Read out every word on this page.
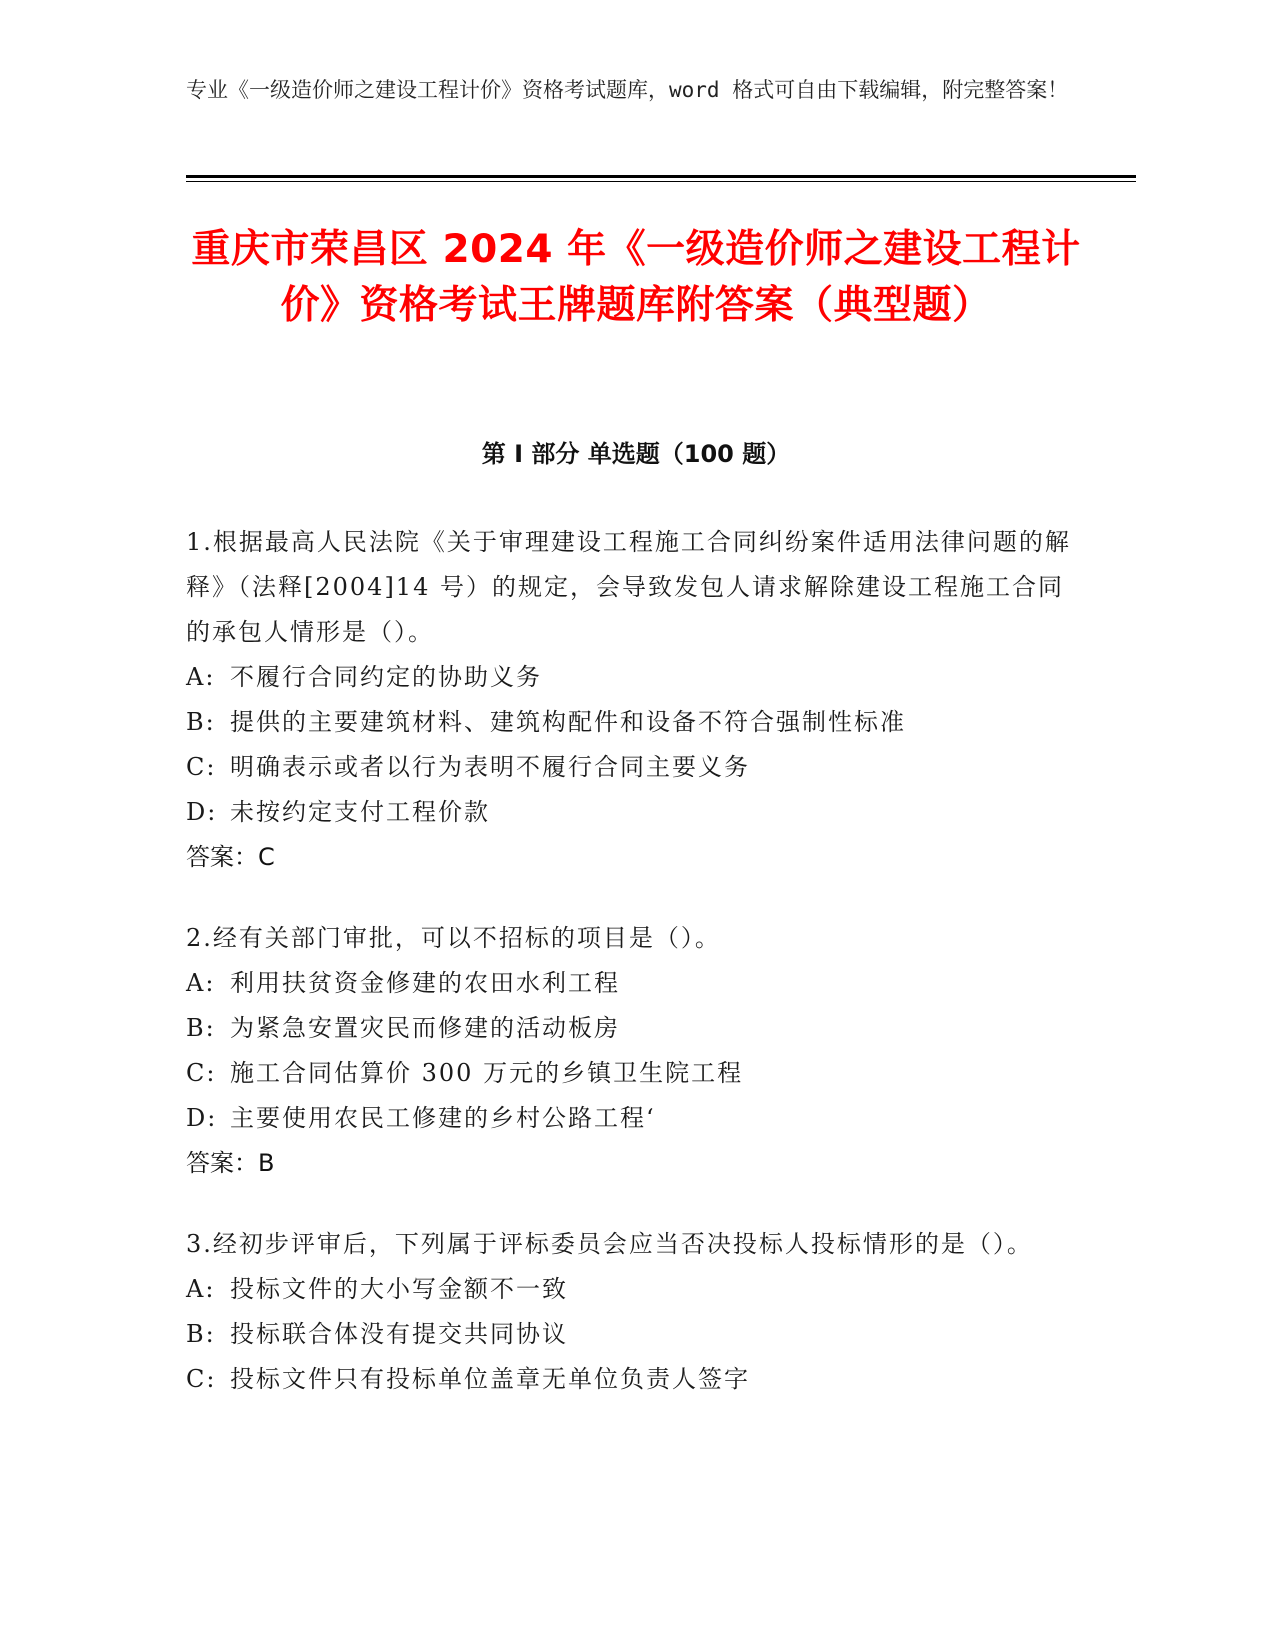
专业《一级造价师之建设工程计价》资格考试题库，word 格式可自由下载编辑，附完整答案！
重庆市荣昌区 2024 年《一级造价师之建设工程计价》资格考试王牌题库附答案（典型题）
第 I 部分 单选题（100 题）
1.根据最高人民法院《关于审理建设工程施工合同纠纷案件适用法律问题的解释》（法释[2004]14 号）的规定，会导致发包人请求解除建设工程施工合同的承包人情形是（）。
A: 不履行合同约定的协助义务
B: 提供的主要建筑材料、建筑构配件和设备不符合强制性标准
C: 明确表示或者以行为表明不履行合同主要义务
D: 未按约定支付工程价款
答案：C
2.经有关部门审批，可以不招标的项目是（）。
A: 利用扶贫资金修建的农田水利工程
B: 为紧急安置灾民而修建的活动板房
C: 施工合同估算价 300 万元的乡镇卫生院工程
D: 主要使用农民工修建的乡村公路工程‘
答案：B
3.经初步评审后，下列属于评标委员会应当否决投标人投标情形的是（）。
A: 投标文件的大小写金额不一致
B: 投标联合体没有提交共同协议
C: 投标文件只有投标单位盖章无单位负责人签字
